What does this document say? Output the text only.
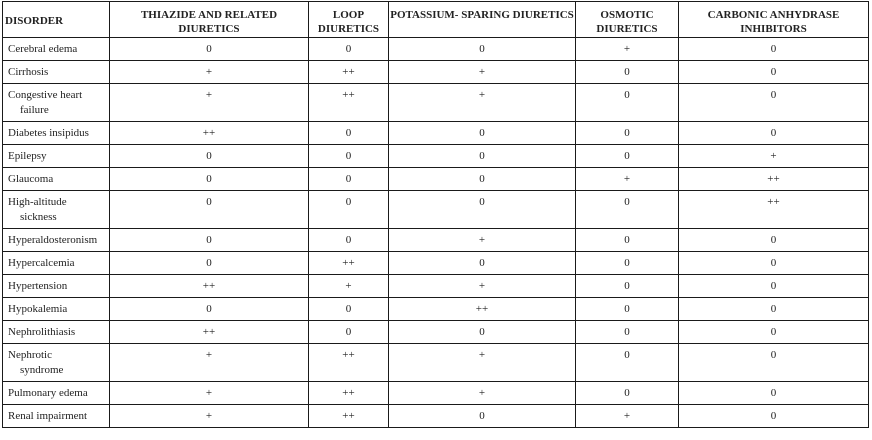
DISORDER	THIAZIDE AND RELATED DIURETICS	LOOP DIURETICS	POTASSIUM- SPARING DIURETICS	OSMOTIC DIURETICS	CARBONIC ANHYDRASE INHIBITORS
Cerebral edema	0	0	0	+	0
Cirrhosis	+	++	+	0	0
Congestive heart
failure	+	++	+	0	0
Diabetes insipidus	++	0	0	0	0
Epilepsy	0	0	0	0	+
Glaucoma	0	0	0	+	++
High-altitude
sickness	0	0	0	0	++
Hyperaldosteronism	0	0	+	0	0
Hypercalcemia	0	++	0	0	0
Hypertension	++	+	+	0	0
Hypokalemia	0	0	++	0	0
Nephrolithiasis	++	0	0	0	0
Nephrotic
syndrome	+	++	+	0	0
Pulmonary edema	+	++	+	0	0
Renal impairment	+	++	0	+	0
